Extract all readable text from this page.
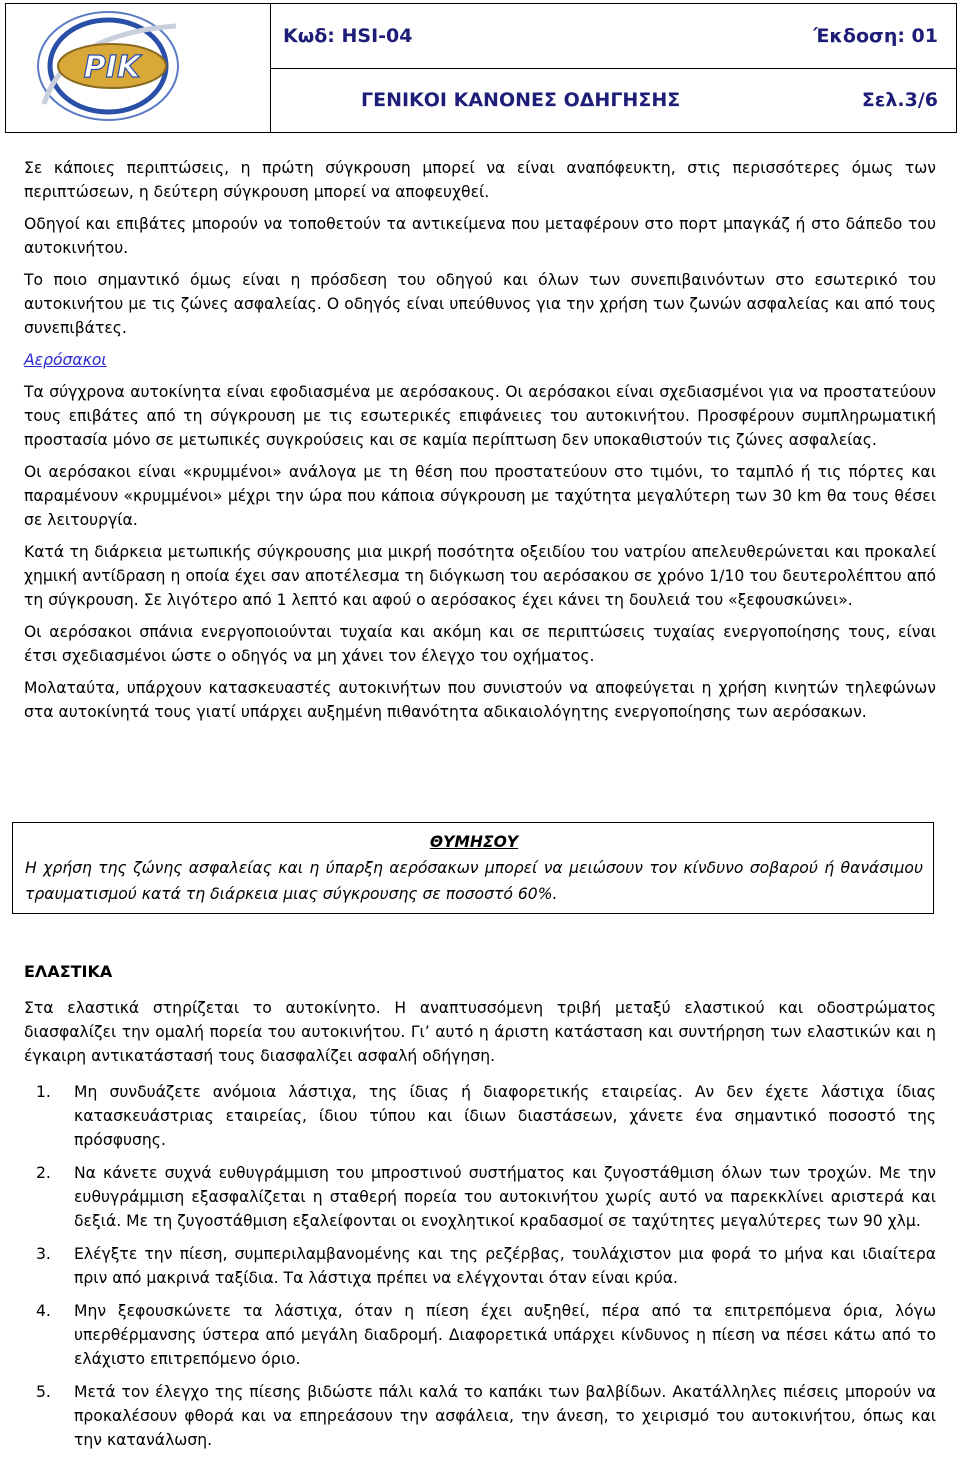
PIK

Κωδ: HSI-04	Έκδοση: 01

ΓΕΝΙΚΟΙ ΚΑΝΟΝΕΣ ΟΔΗΓΗΣΗΣ	Σελ.3/6

Σε κάποιες περιπτώσεις, η πρώτη σύγκρουση μπορεί να είναι αναπόφευκτη, στις περισσότερες όμως των περιπτώσεων, η δεύτερη σύγκρουση μπορεί να αποφευχθεί.

Οδηγοί και επιβάτες μπορούν να τοποθετούν τα αντικείμενα που μεταφέρουν στο πορτ μπαγκάζ ή στο δάπεδο του αυτοκινήτου.

Το ποιο σημαντικό όμως είναι η πρόσδεση του οδηγού και όλων των συνεπιβαινόντων στο εσωτερικό του αυτοκινήτου με τις ζώνες ασφαλείας. Ο οδηγός είναι υπεύθυνος για την χρήση των ζωνών ασφαλείας και από τους συνεπιβάτες.

Αερόσακοι

Τα σύγχρονα αυτοκίνητα είναι εφοδιασμένα με αερόσακους. Οι αερόσακοι είναι σχεδιασμένοι για να προστατεύουν τους επιβάτες από τη σύγκρουση με τις εσωτερικές επιφάνειες του αυτοκινήτου. Προσφέρουν συμπληρωματική προστασία μόνο σε μετωπικές συγκρούσεις και σε καμία περίπτωση δεν υποκαθιστούν τις ζώνες ασφαλείας.

Οι αερόσακοι είναι «κρυμμένοι» ανάλογα με τη θέση που προστατεύουν στο τιμόνι, το ταμπλό ή τις πόρτες και παραμένουν «κρυμμένοι» μέχρι την ώρα που κάποια σύγκρουση με ταχύτητα μεγαλύτερη των 30 km θα τους θέσει σε λειτουργία.

Κατά τη διάρκεια μετωπικής σύγκρουσης μια μικρή ποσότητα οξειδίου του νατρίου απελευθερώνεται και προκαλεί χημική αντίδραση η οποία έχει σαν αποτέλεσμα τη διόγκωση του αερόσακου σε χρόνο 1/10 του δευτερολέπτου από τη σύγκρουση. Σε λιγότερο από 1 λεπτό και αφού ο αερόσακος έχει κάνει τη δουλειά του «ξεφουσκώνει».

Οι αερόσακοι σπάνια ενεργοποιούνται τυχαία και ακόμη και σε περιπτώσεις τυχαίας ενεργοποίησης τους, είναι έτσι σχεδιασμένοι ώστε ο οδηγός να μη χάνει τον έλεγχο του οχήματος.

Μολαταύτα, υπάρχουν κατασκευαστές αυτοκινήτων που συνιστούν να αποφεύγεται η χρήση κινητών τηλεφώνων στα αυτοκίνητά τους γιατί υπάρχει αυξημένη πιθανότητα αδικαιολόγητης ενεργοποίησης των αερόσακων.

ΘΥΜΗΣΟΥ

Η χρήση της ζώνης ασφαλείας και η ύπαρξη αερόσακων μπορεί να μειώσουν τον κίνδυνο σοβαρού ή θανάσιμου τραυματισμού κατά τη διάρκεια μιας σύγκρουσης σε ποσοστό 60%.

ΕΛΑΣΤΙΚΑ

Στα ελαστικά στηρίζεται το αυτοκίνητο. Η αναπτυσσόμενη τριβή μεταξύ ελαστικού και οδοστρώματος διασφαλίζει την ομαλή πορεία του αυτοκινήτου. Γι’ αυτό η άριστη κατάσταση και συντήρηση των ελαστικών και η έγκαιρη αντικατάστασή τους διασφαλίζει ασφαλή οδήγηση.

1. Μη συνδυάζετε ανόμοια λάστιχα, της ίδιας ή διαφορετικής εταιρείας. Αν δεν έχετε λάστιχα ίδιας κατασκευάστριας εταιρείας, ίδιου τύπου και ίδιων διαστάσεων, χάνετε ένα σημαντικό ποσοστό της πρόσφυσης.
2. Να κάνετε συχνά ευθυγράμμιση του μπροστινού συστήματος και ζυγοστάθμιση όλων των τροχών. Με την ευθυγράμμιση εξασφαλίζεται η σταθερή πορεία του αυτοκινήτου χωρίς αυτό να παρεκκλίνει αριστερά και δεξιά. Με τη ζυγοστάθμιση εξαλείφονται οι ενοχλητικοί κραδασμοί σε ταχύτητες μεγαλύτερες των 90 χλμ.
3. Ελέγξτε την πίεση, συμπεριλαμβανομένης και της ρεζέρβας, τουλάχιστον μια φορά το μήνα και ιδιαίτερα πριν από μακρινά ταξίδια. Τα λάστιχα πρέπει να ελέγχονται όταν είναι κρύα.
4. Μην ξεφουσκώνετε τα λάστιχα, όταν η πίεση έχει αυξηθεί, πέρα από τα επιτρεπόμενα όρια, λόγω υπερθέρμανσης ύστερα από μεγάλη διαδρομή. Διαφορετικά υπάρχει κίνδυνος η πίεση να πέσει κάτω από το ελάχιστο επιτρεπόμενο όριο.
5. Μετά τον έλεγχο της πίεσης βιδώστε πάλι καλά το καπάκι των βαλβίδων. Ακατάλληλες πιέσεις μπορούν να προκαλέσουν φθορά και να επηρεάσουν την ασφάλεια, την άνεση, το χειρισμό του αυτοκινήτου, όπως και την κατανάλωση.
